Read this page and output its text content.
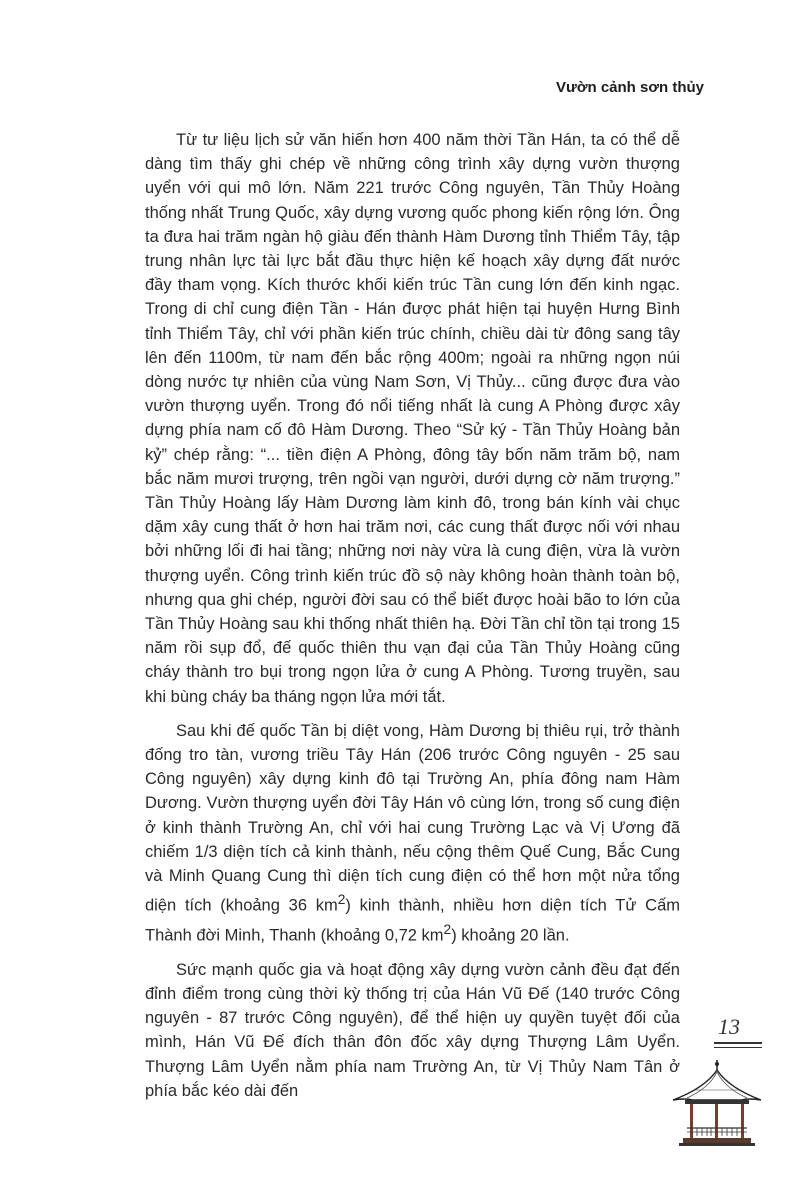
Vườn cảnh sơn thủy

Từ tư liệu lịch sử văn hiến hơn 400 năm thời Tần Hán, ta có thể dễ dàng tìm thấy ghi chép về những công trình xây dựng vườn thượng uyển với qui mô lớn. Năm 221 trước Công nguyên, Tần Thủy Hoàng thống nhất Trung Quốc, xây dựng vương quốc phong kiến rộng lớn. Ông ta đưa hai trăm ngàn hộ giàu đến thành Hàm Dương tỉnh Thiểm Tây, tập trung nhân lực tài lực bắt đầu thực hiện kế hoạch xây dựng đất nước đầy tham vọng. Kích thước khối kiến trúc Tần cung lớn đến kinh ngạc. Trong di chỉ cung điện Tần - Hán được phát hiện tại huyện Hưng Bình tỉnh Thiểm Tây, chỉ với phần kiến trúc chính, chiều dài từ đông sang tây lên đến 1100m, từ nam đến bắc rộng 400m; ngoài ra những ngọn núi dòng nước tự nhiên của vùng Nam Sơn, Vị Thủy... cũng được đưa vào vườn thượng uyển. Trong đó nổi tiếng nhất là cung A Phòng được xây dựng phía nam cố đô Hàm Dương. Theo “Sử ký - Tần Thủy Hoàng bản kỷ” chép rằng: “... tiền điện A Phòng, đông tây bốn năm trăm bộ, nam bắc năm mươi trượng, trên ngồi vạn người, dưới dựng cờ năm trượng.” Tần Thủy Hoàng lấy Hàm Dương làm kinh đô, trong bán kính vài chục dặm xây cung thất ở hơn hai trăm nơi, các cung thất được nối với nhau bởi những lối đi hai tầng; những nơi này vừa là cung điện, vừa là vườn thượng uyển. Công trình kiến trúc đồ sộ này không hoàn thành toàn bộ, nhưng qua ghi chép, người đời sau có thể biết được hoài bão to lớn của Tần Thủy Hoàng sau khi thống nhất thiên hạ. Đời Tần chỉ tồn tại trong 15 năm rồi sụp đổ, đế quốc thiên thu vạn đại của Tần Thủy Hoàng cũng cháy thành tro bụi trong ngọn lửa ở cung A Phòng. Tương truyền, sau khi bùng cháy ba tháng ngọn lửa mới tắt.

Sau khi đế quốc Tần bị diệt vong, Hàm Dương bị thiêu rụi, trở thành đống tro tàn, vương triều Tây Hán (206 trước Công nguyên - 25 sau Công nguyên) xây dựng kinh đô tại Trường An, phía đông nam Hàm Dương. Vườn thượng uyển đời Tây Hán vô cùng lớn, trong số cung điện ở kinh thành Trường An, chỉ với hai cung Trường Lạc và Vị Ương đã chiếm 1/3 diện tích cả kinh thành, nếu cộng thêm Quế Cung, Bắc Cung và Minh Quang Cung thì diện tích cung điện có thể hơn một nửa tổng diện tích (khoảng 36 $km^2$) kinh thành, nhiều hơn diện tích Tử Cấm Thành đời Minh, Thanh (khoảng 0,72 $km^2$) khoảng 20 lần.

Sức mạnh quốc gia và hoạt động xây dựng vườn cảnh đều đạt đến đỉnh điểm trong cùng thời kỳ thống trị của Hán Vũ Đế (140 trước Công nguyên - 87 trước Công nguyên), để thể hiện uy quyền tuyệt đối của mình, Hán Vũ Đế đích thân đôn đốc xây dựng Thượng Lâm Uyển. Thượng Lâm Uyển nằm phía nam Trường An, từ Vị Thủy Nam Tân ở phía bắc kéo dài đến

13
